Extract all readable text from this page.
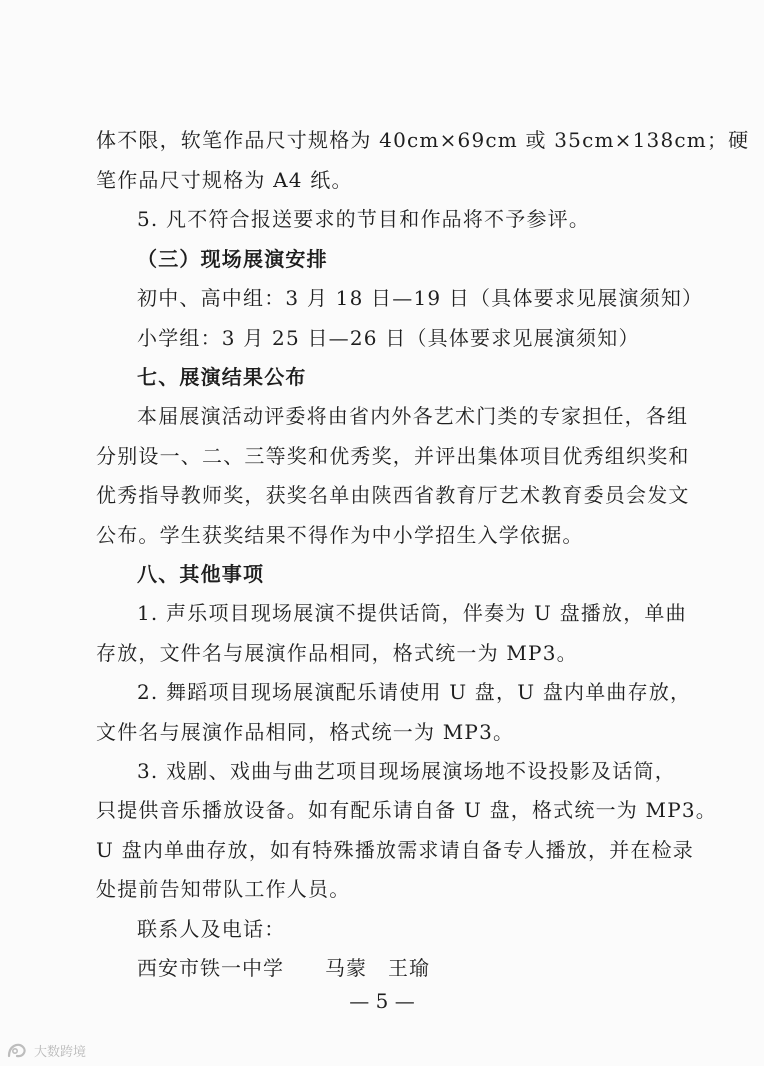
体不限，软笔作品尺寸规格为 40cm×69cm 或 35cm×138cm；硬
笔作品尺寸规格为 A4 纸。
5. 凡不符合报送要求的节目和作品将不予参评。
（三）现场展演安排
初中、高中组：3 月 18 日—19 日（具体要求见展演须知）
小学组：3 月 25 日—26 日（具体要求见展演须知）
七、展演结果公布
本届展演活动评委将由省内外各艺术门类的专家担任，各组
分别设一、二、三等奖和优秀奖，并评出集体项目优秀组织奖和
优秀指导教师奖，获奖名单由陕西省教育厅艺术教育委员会发文
公布。学生获奖结果不得作为中小学招生入学依据。
八、其他事项
1. 声乐项目现场展演不提供话筒，伴奏为 U 盘播放，单曲
存放，文件名与展演作品相同，格式统一为 MP3。
2. 舞蹈项目现场展演配乐请使用 U 盘，U 盘内单曲存放，
文件名与展演作品相同，格式统一为 MP3。
3. 戏剧、戏曲与曲艺项目现场展演场地不设投影及话筒，
只提供音乐播放设备。如有配乐请自备 U 盘，格式统一为 MP3。
U 盘内单曲存放，如有特殊播放需求请自备专人播放，并在检录
处提前告知带队工作人员。
联系人及电话：
西安市铁一中学 马蒙　王瑜
— 5 —
大数跨境
